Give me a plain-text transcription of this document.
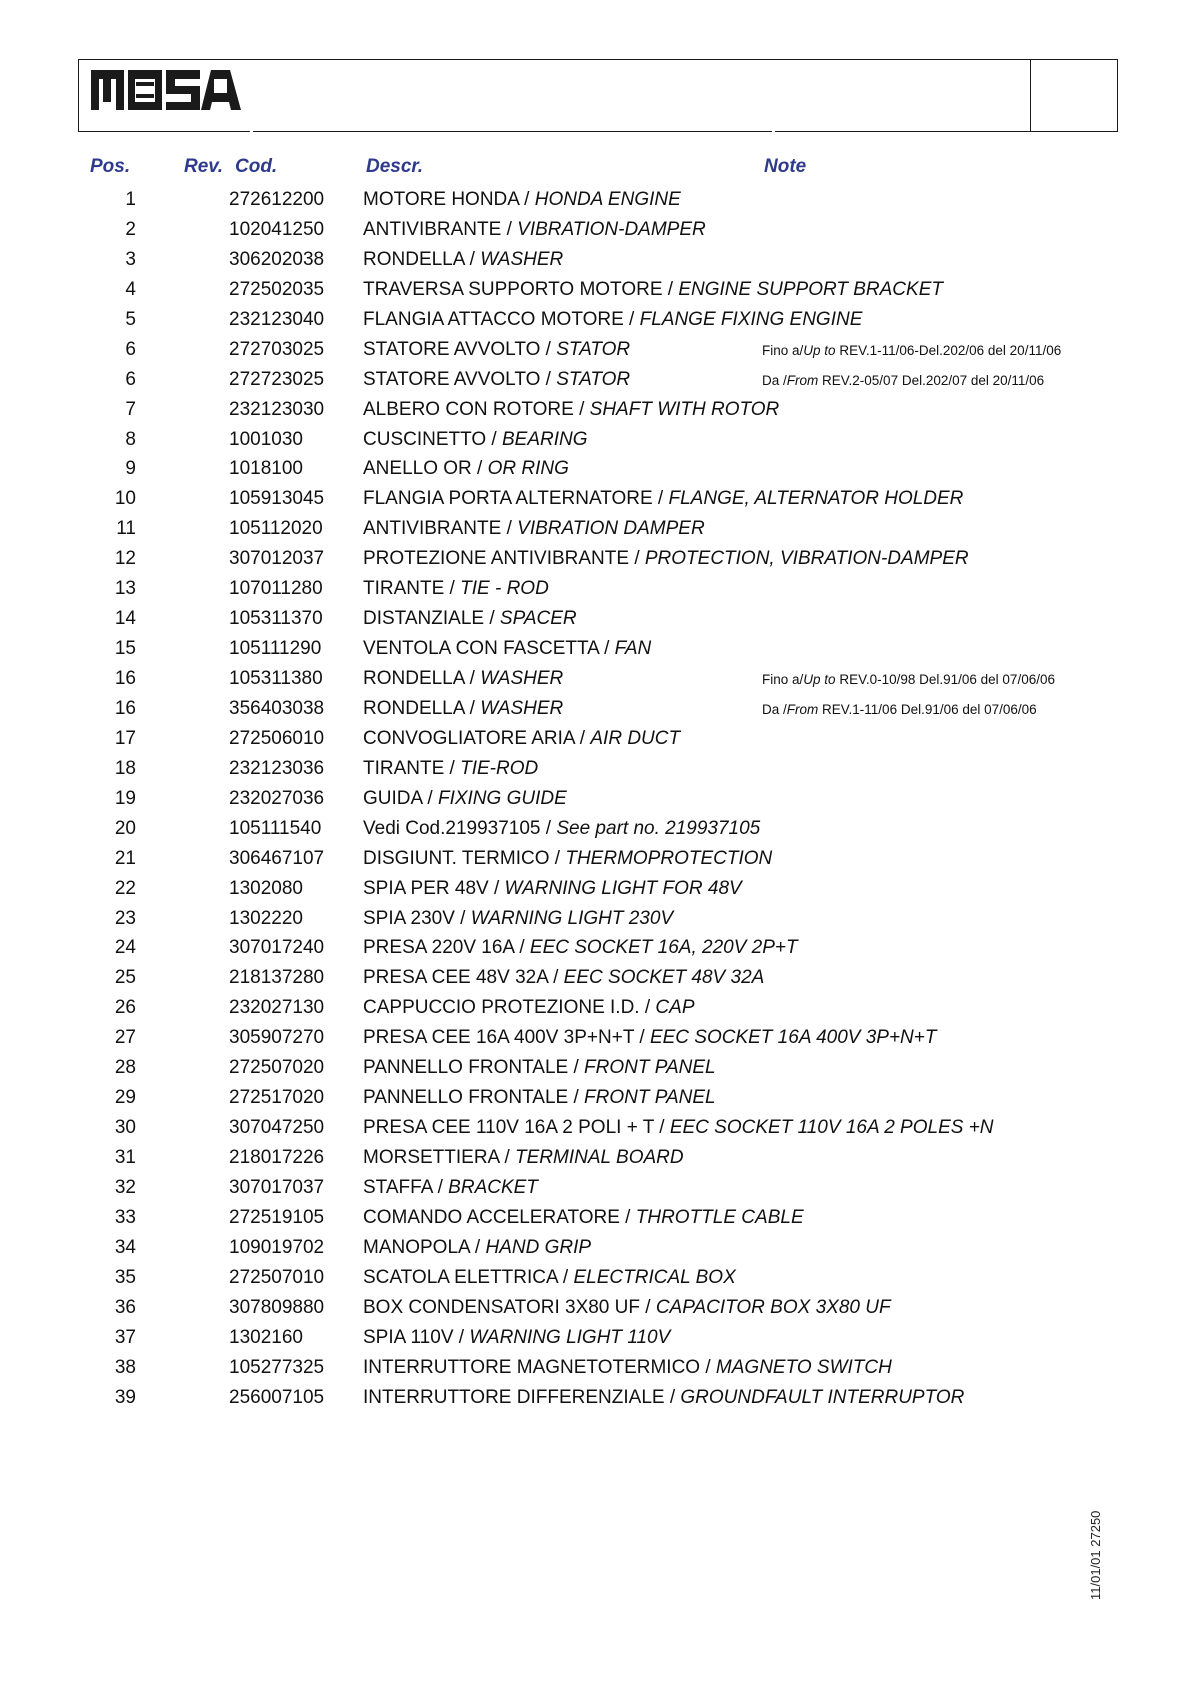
Pos.	Rev. Cod.	Descr.	Note
1	272612200 MOTORE HONDA / HONDA ENGINE
2	102041250 ANTIVIBRANTE / VIBRATION-DAMPER
3	306202038 RONDELLA / WASHER
4	272502035 TRAVERSA SUPPORTO MOTORE / ENGINE SUPPORT BRACKET
5	232123040 FLANGIA ATTACCO MOTORE / FLANGE FIXING ENGINE
6	272703025 STATORE AVVOLTO / STATOR	Fino a/Up to REV.1-11/06-Del.202/06 del 20/11/06
6	272723025 STATORE AVVOLTO / STATOR	Da /From REV.2-05/07 Del.202/07 del 20/11/06
7	232123030 ALBERO CON ROTORE / SHAFT WITH ROTOR
8	1001030	CUSCINETTO / BEARING
9	1018100	ANELLO OR / OR RING
10	105913045 FLANGIA PORTA ALTERNATORE / FLANGE, ALTERNATOR HOLDER
11	105112020 ANTIVIBRANTE / VIBRATION DAMPER
12	307012037 PROTEZIONE ANTIVIBRANTE / PROTECTION, VIBRATION-DAMPER
13	107011280 TIRANTE / TIE - ROD
14	105311370 DISTANZIALE / SPACER
15	105111290 VENTOLA CON FASCETTA / FAN
16	105311380 RONDELLA / WASHER	Fino a/Up to REV.0-10/98 Del.91/06 del 07/06/06
16	356403038 RONDELLA / WASHER	Da /From REV.1-11/06 Del.91/06 del 07/06/06
17	272506010 CONVOGLIATORE ARIA / AIR DUCT
18	232123036 TIRANTE / TIE-ROD
19	232027036 GUIDA / FIXING GUIDE
20	105111540 Vedi Cod.219937105 / See part no. 219937105
21	306467107 DISGIUNT. TERMICO / THERMOPROTECTION
22	1302080	SPIA PER 48V / WARNING LIGHT FOR 48V
23	1302220	SPIA 230V / WARNING LIGHT 230V
24	307017240 PRESA 220V 16A / EEC SOCKET 16A, 220V 2P+T
25	218137280 PRESA CEE 48V 32A / EEC SOCKET 48V 32A
26	232027130 CAPPUCCIO PROTEZIONE I.D. / CAP
27	305907270 PRESA CEE 16A 400V 3P+N+T / EEC SOCKET 16A 400V 3P+N+T
28	272507020 PANNELLO FRONTALE / FRONT PANEL
29	272517020 PANNELLO FRONTALE / FRONT PANEL
30	307047250 PRESA CEE 110V 16A 2 POLI + T / EEC SOCKET 110V 16A 2 POLES +N
31	218017226 MORSETTIERA / TERMINAL BOARD
32	307017037 STAFFA / BRACKET
33	272519105 COMANDO ACCELERATORE / THROTTLE CABLE
34	109019702 MANOPOLA / HAND GRIP
35	272507010 SCATOLA ELETTRICA / ELECTRICAL BOX
36	307809880 BOX CONDENSATORI 3X80 UF / CAPACITOR BOX 3X80 UF
37	1302160	SPIA 110V / WARNING LIGHT 110V
38	105277325 INTERRUTTORE MAGNETOTERMICO / MAGNETO SWITCH
39	256007105 INTERRUTTORE DIFFERENZIALE / GROUNDFAULT INTERRUPTOR
11/01/01 27250
